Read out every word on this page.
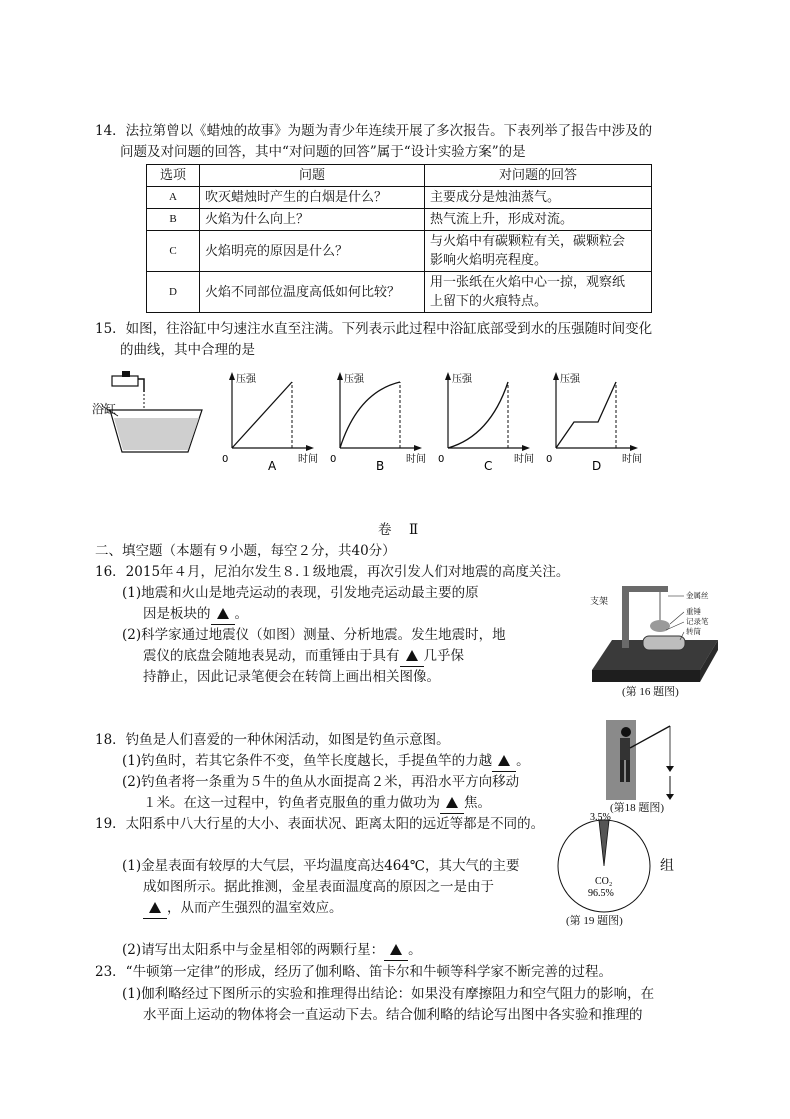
14．法拉第曾以《蜡烛的故事》为题为青少年连续开展了多次报告。下表列举了报告中涉及的
问题及对问题的回答，其中“对问题的回答”属于“设计实验方案”的是
选项	问题	对问题的回答
A	吹灭蜡烛时产生的白烟是什么？	主要成分是烛油蒸气。
B	火焰为什么向上？	热气流上升，形成对流。
C	火焰明亮的原因是什么？	与火焰中有碳颗粒有关，碳颗粒会
影响火焰明亮程度。

D	火焰不同部位温度高低如何比较？	用一张纸在火焰中心一掠，观察纸
上留下的火痕特点。
15．如图，往浴缸中匀速注水直至注满。下列表示此过程中浴缸底部受到水的压强随时间变化
的曲线，其中合理的是
浴缸
压强
时间
0	A
压强
时间
0	B
压强
时间
0	C
压强
时间
0	D
卷　Ⅱ
二、填空题（本题有９小题，每空２分，共40分）
16．2015年４月，尼泊尔发生８.１级地震，再次引发人们对地震的高度关注。
(1)地震和火山是地壳运动的表现，引发地壳运动最主要的原
因是板块的 。
(2)科学家通过地震仪（如图）测量、分析地震。发生地震时，地
震仪的底盘会随地表晃动，而重锤由于具有 几乎保
持静止，因此记录笔便会在转筒上画出相关图像。
支架
金属丝
重锤
记录笔
转筒
(第 16 题图)
18．钓鱼是人们喜爱的一种休闲活动，如图是钓鱼示意图。
(1)钓鱼时，若其它条件不变，鱼竿长度越长，手提鱼竿的力越 。
(2)钓鱼者将一条重为５牛的鱼从水面提高２米，再沿水平方向移动
１米。在这一过程中，钓鱼者克服鱼的重力做功为 焦。	(第18 题图)
19．太阳系中八大行星的大小、表面状况、距离太阳的远近等都是不同的。
(1)金星表面有较厚的大气层，平均温度高达464℃，其大气的主要
成如图所示。据此推测，金星表面温度高的原因之一是由于
，从而产生强烈的温室效应。
组
3.5%
CO₂
96.5%
(第 19 题图)
(2)请写出太阳系中与金星相邻的两颗行星： 。
23．“牛顿第一定律”的形成，经历了伽利略、笛卡尔和牛顿等科学家不断完善的过程。
(1)伽利略经过下图所示的实验和推理得出结论：如果没有摩擦阻力和空气阻力的影响，在
水平面上运动的物体将会一直运动下去。结合伽利略的结论写出图中各实验和推理的
